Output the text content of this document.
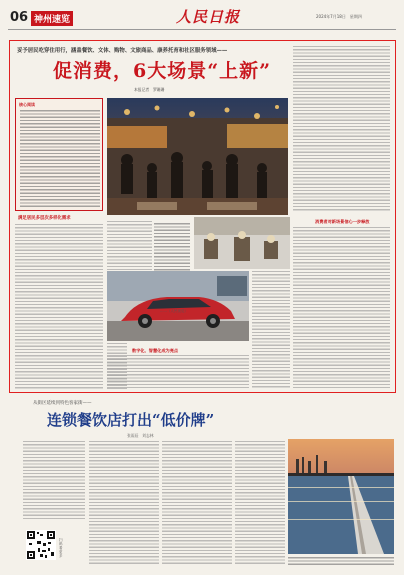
06 神州速览	人民日报	2024年7月18日　星期四
妥予居民吃穿住用行，涵盖餐饮、文体、购物、文旅商品、康养托育和社区服务领域——
促消费，6大场景“上新”
本报记者　罗珊珊
核心阅读
满足居民多层次多样化需求
……（人民视觉）
消费者对新场景信心一步释放
数字化、智慧化成为亮点
从街区延续到特色客家街——
连锁餐饮店打出“低价牌”
张雨辰　刘志林
扫码看更多
